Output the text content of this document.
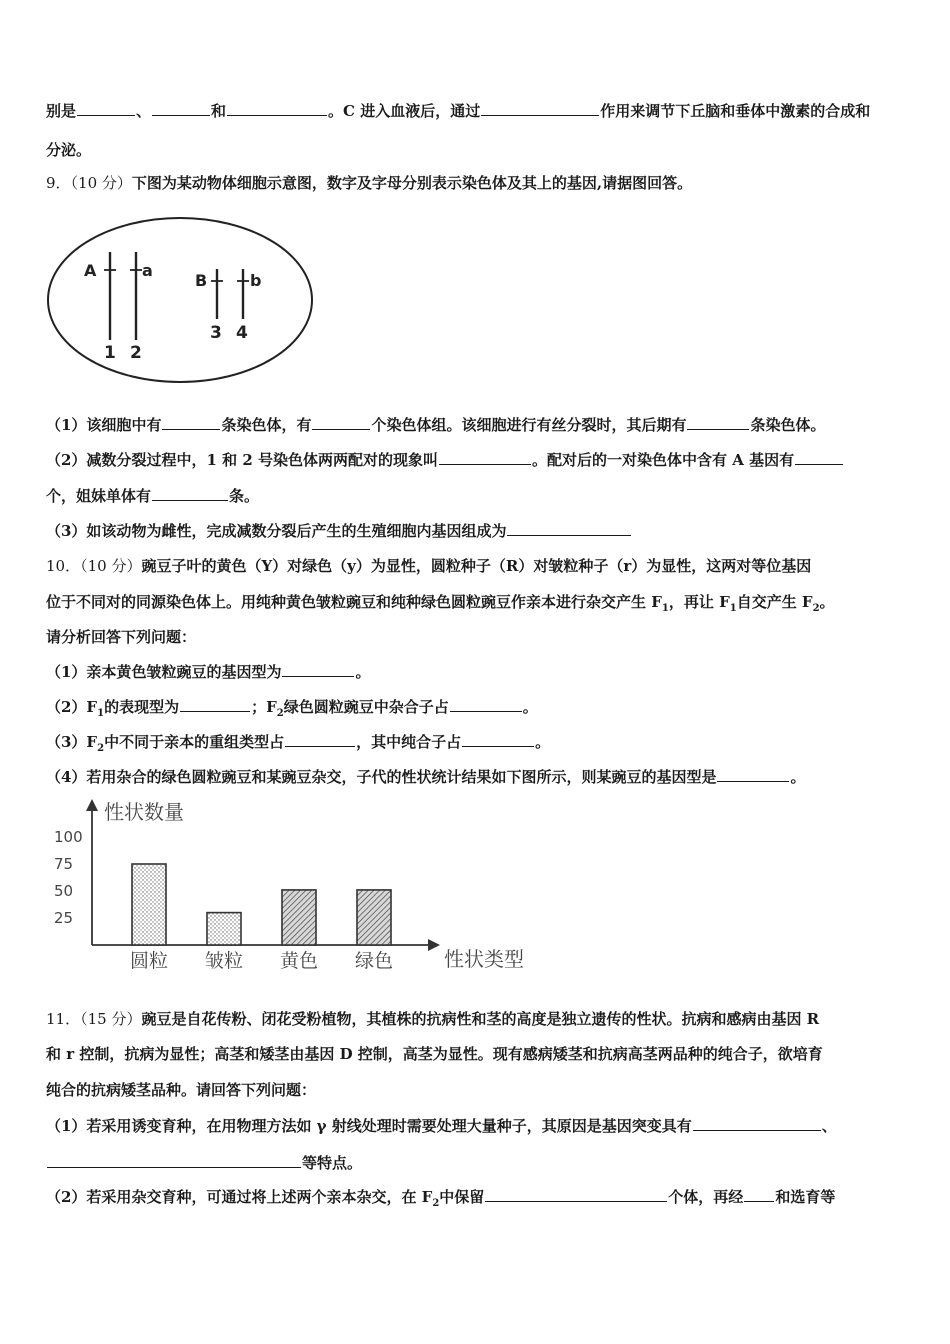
别是	、	和	。C 进入血液后，通过	作用来调节下丘脑和垂体中激素的合成和
分泌。
9．（10 分）下图为某动物体细胞示意图，数字及字母分别表示染色体及其上的基因,请据图回答。
A	a
B	b
1 2
3 4
（1）该细胞中有	条染色体，有	个染色体组。该细胞进行有丝分裂时，其后期有	条染色体。
（2）减数分裂过程中，1 和 2 号染色体两两配对的现象叫	。配对后的一对染色体中含有 A 基因有
个，姐妹单体有	条。
（3）如该动物为雌性，完成减数分裂后产生的生殖细胞内基因组成为
10．（10 分）豌豆子叶的黄色（Y）对绿色（y）为显性，圆粒种子（R）对皱粒种子（r）为显性，这两对等位基因
位于不同对的同源染色体上。用纯种黄色皱粒豌豆和纯种绿色圆粒豌豆作亲本进行杂交产生 $F_1$，再让 $F_1$自交产生 $F_2$。
请分析回答下列问题：
（1）亲本黄色皱粒豌豆的基因型为	。
$(2)F_1$的表现型为	；$F_2$绿色圆粒豌豆中杂合子占	。
$(3)F_2$中不同于亲本的重组类型占	，其中纯合子占	。
（4）若用杂合的绿色圆粒豌豆和某豌豆杂交，子代的性状统计结果如下图所示，则某豌豆的基因型是	。
性状数量
性状类型
100
75
50
25
圆粒 皱粒 黄色 绿色
11．（15 分）豌豆是自花传粉、闭花受粉植物，其植株的抗病性和茎的高度是独立遗传的性状。抗病和感病由基因 R
和 r 控制，抗病为显性；高茎和矮茎由基因 D 控制，高茎为显性。现有感病矮茎和抗病高茎两品种的纯合子，欲培育
纯合的抗病矮茎品种。请回答下列问题：
（1）若采用诱变育种，在用物理方法如 γ 射线处理时需要处理大量种子，其原因是基因突变具有	、
等特点。
（2）若采用杂交育种，可通过将上述两个亲本杂交，在 $F_2$中保留	个体，再经 和选育等
